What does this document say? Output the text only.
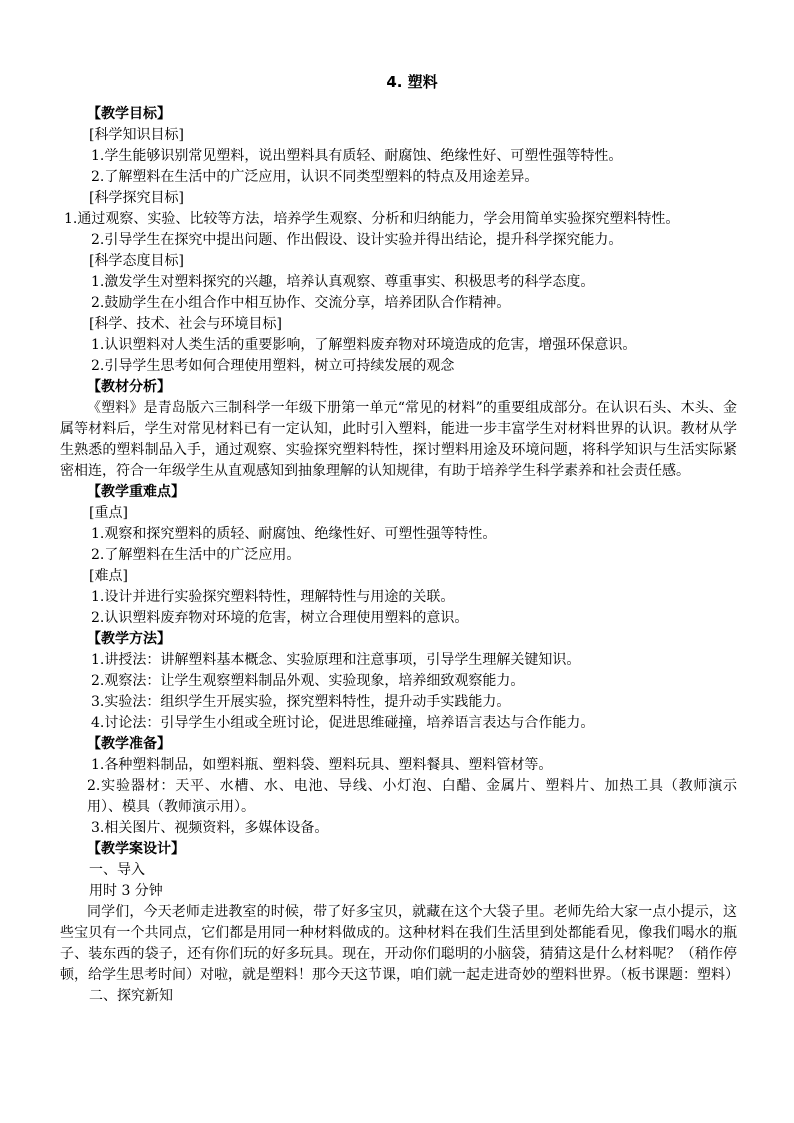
4. 塑料
【教学目标】
[科学知识目标]
1.学生能够识别常见塑料，说出塑料具有质轻、耐腐蚀、绝缘性好、可塑性强等特性。
2.了解塑料在生活中的广泛应用，认识不同类型塑料的特点及用途差异。
[科学探究目标]
1.通过观察、实验、比较等方法，培养学生观察、分析和归纳能力，学会用简单实验探究塑料特性。
2.引导学生在探究中提出问题、作出假设、设计实验并得出结论，提升科学探究能力。
[科学态度目标]
1.激发学生对塑料探究的兴趣，培养认真观察、尊重事实、积极思考的科学态度。
2.鼓励学生在小组合作中相互协作、交流分享，培养团队合作精神。
[科学、技术、社会与环境目标]
1.认识塑料对人类生活的重要影响，了解塑料废弃物对环境造成的危害，增强环保意识。
2.引导学生思考如何合理使用塑料，树立可持续发展的观念
【教材分析】
《塑料》是青岛版六三制科学一年级下册第一单元“常见的材料”的重要组成部分。在认识石头、木头、金属等材料后，学生对常见材料已有一定认知，此时引入塑料，能进一步丰富学生对材料世界的认识。教材从学生熟悉的塑料制品入手，通过观察、实验探究塑料特性，探讨塑料用途及环境问题，将科学知识与生活实际紧密相连，符合一年级学生从直观感知到抽象理解的认知规律，有助于培养学生科学素养和社会责任感。
【教学重难点】
[重点]
1.观察和探究塑料的质轻、耐腐蚀、绝缘性好、可塑性强等特性。
2.了解塑料在生活中的广泛应用。
[难点]
1.设计并进行实验探究塑料特性，理解特性与用途的关联。
2.认识塑料废弃物对环境的危害，树立合理使用塑料的意识。
【教学方法】
1.讲授法：讲解塑料基本概念、实验原理和注意事项，引导学生理解关键知识。
2.观察法：让学生观察塑料制品外观、实验现象，培养细致观察能力。
3.实验法：组织学生开展实验，探究塑料特性，提升动手实践能力。
4.讨论法：引导学生小组或全班讨论，促进思维碰撞，培养语言表达与合作能力。
【教学准备】
1.各种塑料制品，如塑料瓶、塑料袋、塑料玩具、塑料餐具、塑料管材等。
2.实验器材：天平、水槽、水、电池、导线、小灯泡、白醋、金属片、塑料片、加热工具（教师演示用）、模具（教师演示用）。
3.相关图片、视频资料，多媒体设备。
【教学案设计】
一、导入
用时 3 分钟
同学们，今天老师走进教室的时候，带了好多宝贝，就藏在这个大袋子里。老师先给大家一点小提示，这些宝贝有一个共同点，它们都是用同一种材料做成的。这种材料在我们生活里到处都能看见，像我们喝水的瓶子、装东西的袋子，还有你们玩的好多玩具。现在，开动你们聪明的小脑袋，猜猜这是什么材料呢？（稍作停顿，给学生思考时间）对啦，就是塑料！那今天这节课，咱们就一起走进奇妙的塑料世界。（板书课题：塑料）
二、探究新知
